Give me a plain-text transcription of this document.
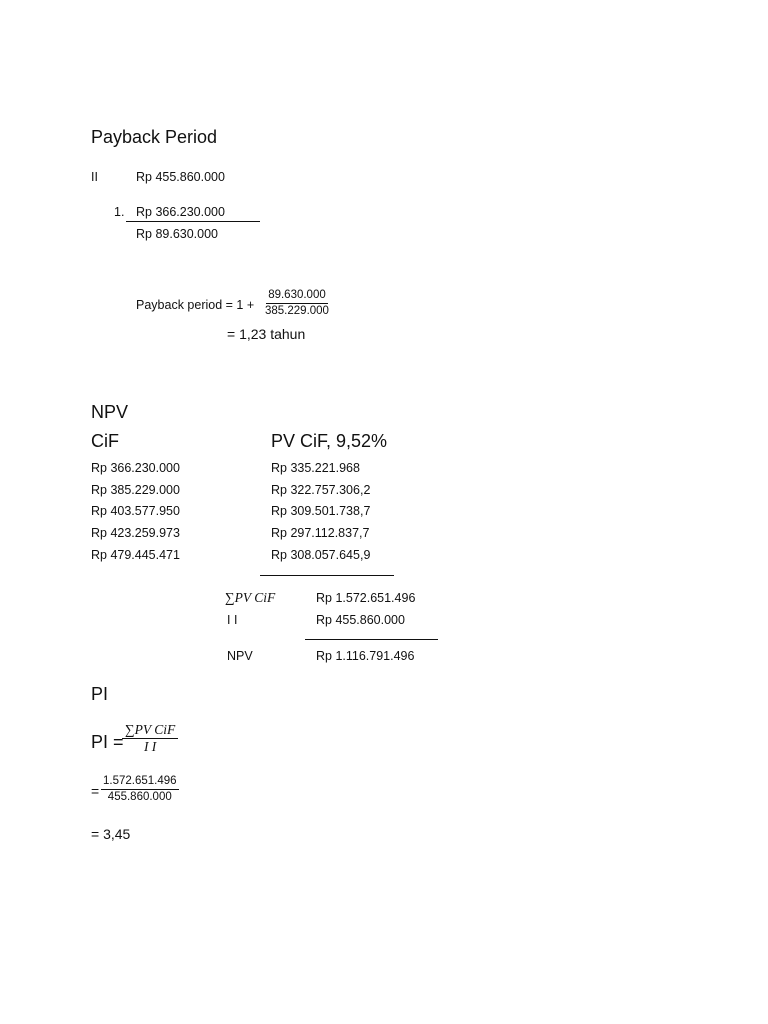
Payback Period
II	Rp 455.860.000
1. Rp 366.230.000
Rp 89.630.000
Payback period = $1 + \frac{89.630.000}{385.229.000}$
= 1,23 tahun
NPV
CiF	PV CiF, 9,52%
Rp 366.230.000	Rp 335.221.968
Rp 385.229.000	Rp 322.757.306,2
Rp 403.577.950	Rp 309.501.738,7
Rp 423.259.973	Rp 297.112.837,7
Rp 479.445.471	Rp 308.057.645,9
∑PV CiF	Rp 1.572.651.496
I I	Rp 455.860.000
NPV	Rp 1.116.791.496
PI
PI =
∑PV CiF
I I
= $\frac{1.572.651.496}{455.860.000}$
= 3,45
